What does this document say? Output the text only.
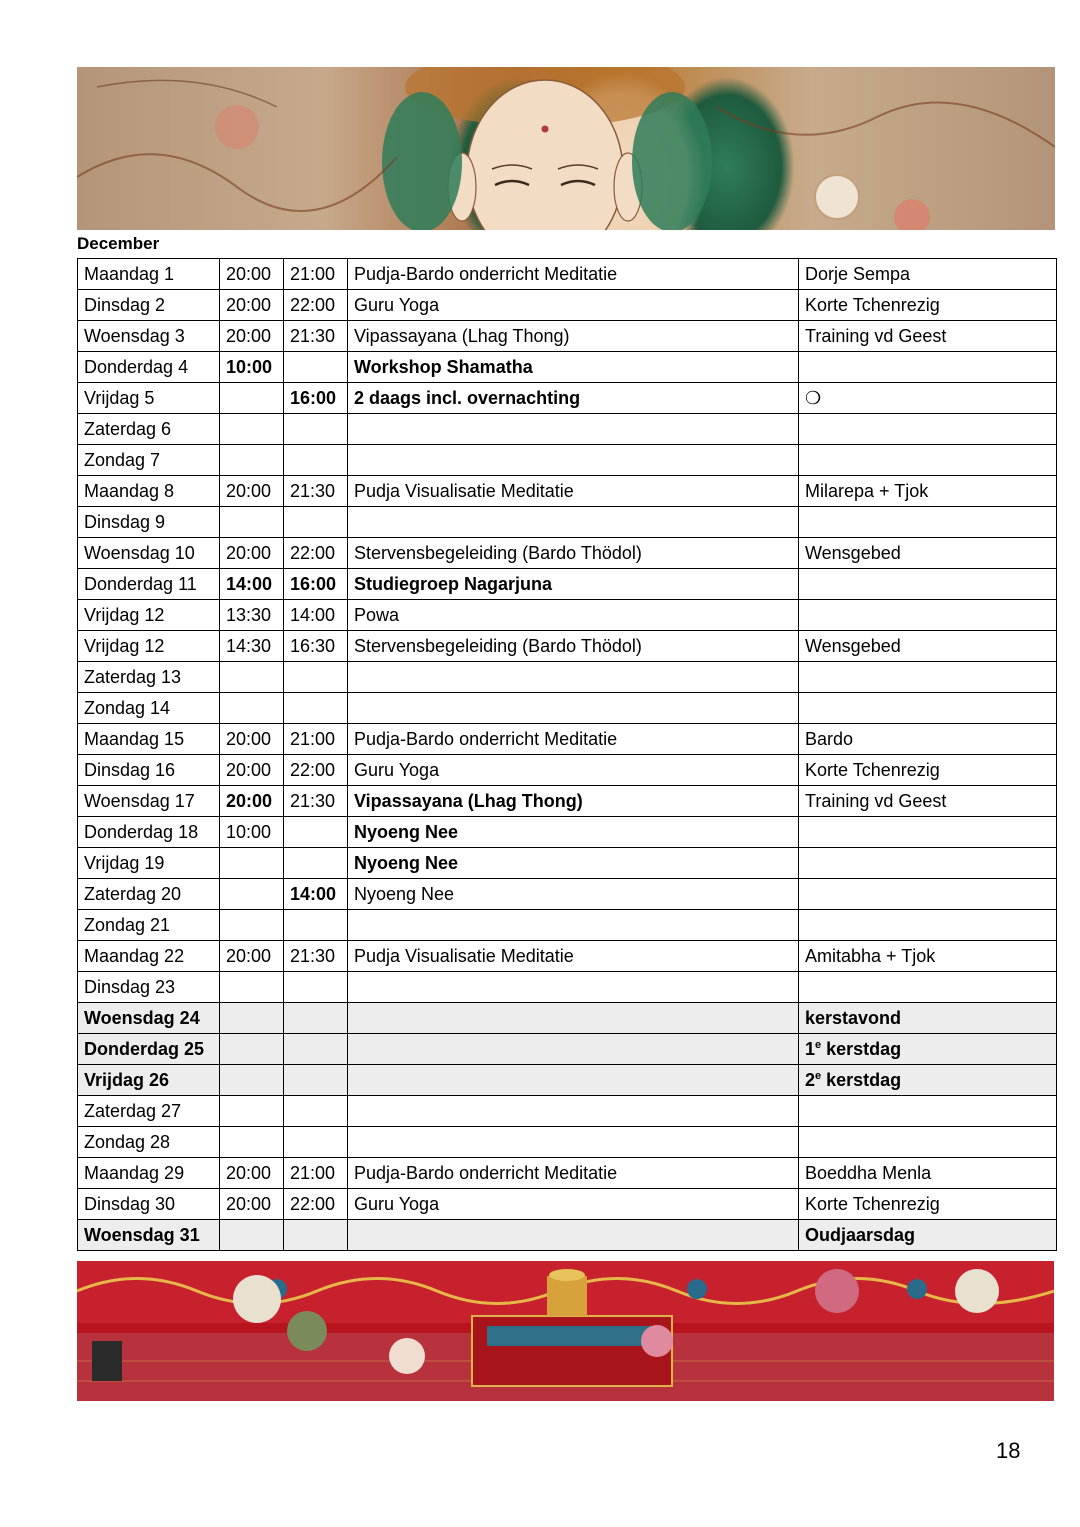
December
Maandag 1	20:00	21:00	Pudja-Bardo onderricht Meditatie	Dorje Sempa
Dinsdag 2	20:00	22:00	Guru Yoga	Korte Tchenrezig
Woensdag 3	20:00	21:30	Vipassayana (Lhag Thong)	Training vd Geest
Donderdag 4	10:00		Workshop Shamatha	
Vrijdag 5		16:00	2 daags incl. overnachting	❍
Zaterdag 6				
Zondag 7				
Maandag 8	20:00	21:30	Pudja Visualisatie Meditatie	Milarepa + Tjok
Dinsdag 9				
Woensdag 10	20:00	22:00	Stervensbegeleiding (Bardo Thödol)	Wensgebed
Donderdag 11	14:00	16:00	Studiegroep Nagarjuna	
Vrijdag 12	13:30	14:00	Powa	
Vrijdag 12	14:30	16:30	Stervensbegeleiding (Bardo Thödol)	Wensgebed
Zaterdag 13				
Zondag 14				
Maandag 15	20:00	21:00	Pudja-Bardo onderricht Meditatie	Bardo
Dinsdag 16	20:00	22:00	Guru Yoga	Korte Tchenrezig
Woensdag 17	20:00	21:30	Vipassayana (Lhag Thong)	Training vd Geest
Donderdag 18	10:00		Nyoeng Nee	
Vrijdag 19			Nyoeng Nee	
Zaterdag 20		14:00	Nyoeng Nee	
Zondag 21				
Maandag 22	20:00	21:30	Pudja Visualisatie Meditatie	Amitabha + Tjok
Dinsdag 23				
Woensdag 24				kerstavond
Donderdag 25				1e kerstdag
Vrijdag 26				2e kerstdag
Zaterdag 27				
Zondag 28				
Maandag 29	20:00	21:00	Pudja-Bardo onderricht Meditatie	Boeddha Menla
Dinsdag 30	20:00	22:00	Guru Yoga	Korte Tchenrezig
Woensdag 31				Oudjaarsdag
18
